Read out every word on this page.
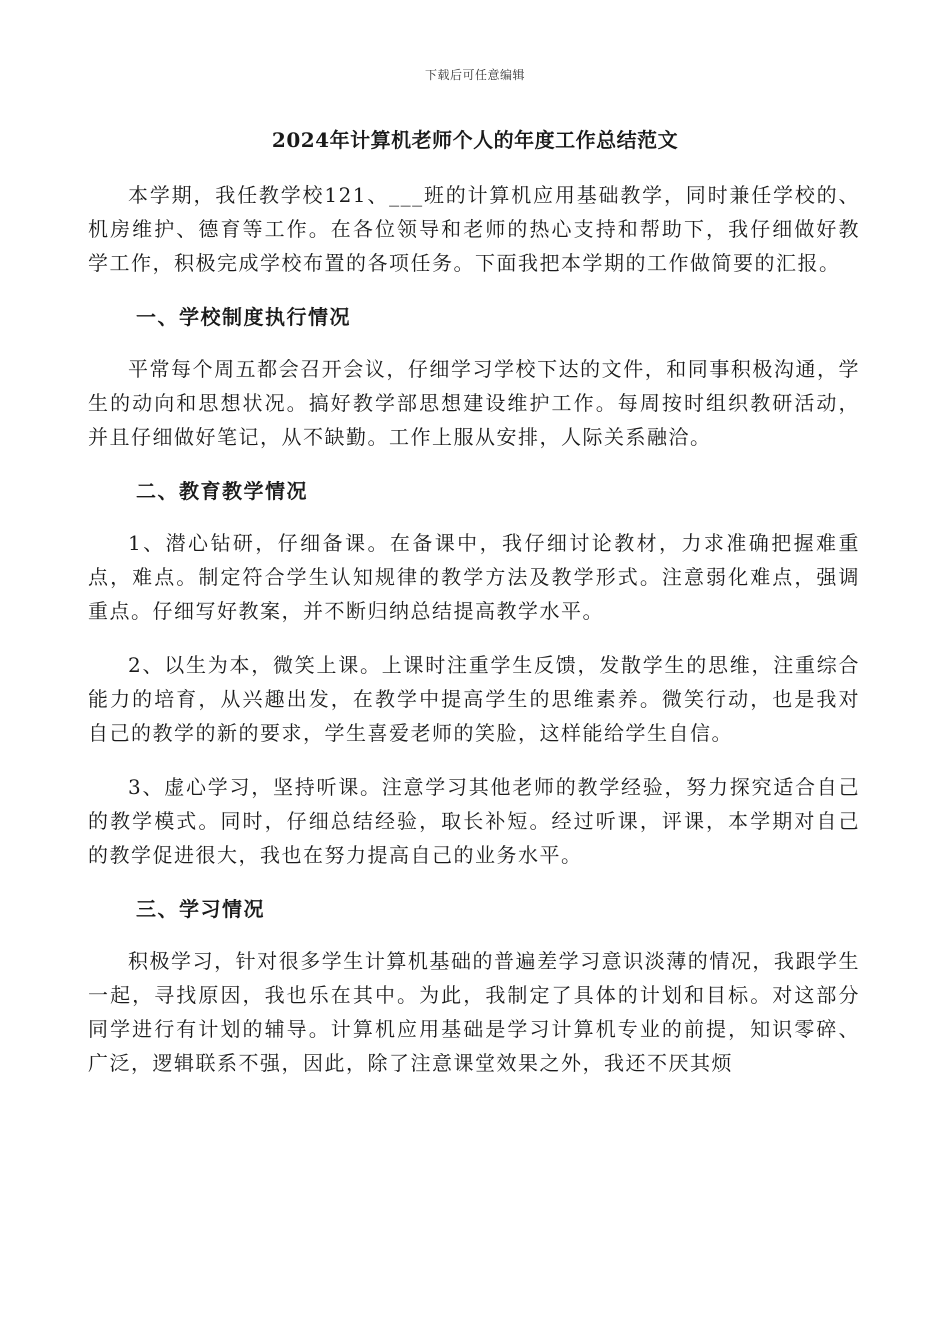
下载后可任意编辑
2024年计算机老师个人的年度工作总结范文

本学期，我任教学校121、___班的计算机应用基础教学，同时兼任学校的、机房维护、德育等工作。在各位领导和老师的热心支持和帮助下，我仔细做好教学工作，积极完成学校布置的各项任务。下面我把本学期的工作做简要的汇报。

一、学校制度执行情况

平常每个周五都会召开会议，仔细学习学校下达的文件，和同事积极沟通，学生的动向和思想状况。搞好教学部思想建设维护工作。每周按时组织教研活动，并且仔细做好笔记，从不缺勤。工作上服从安排，人际关系融洽。

二、教育教学情况

1、潜心钻研，仔细备课。在备课中，我仔细讨论教材，力求准确把握难重点，难点。制定符合学生认知规律的教学方法及教学形式。注意弱化难点，强调重点。仔细写好教案，并不断归纳总结提高教学水平。

2、以生为本，微笑上课。上课时注重学生反馈，发散学生的思维，注重综合能力的培育，从兴趣出发，在教学中提高学生的思维素养。微笑行动，也是我对自己的教学的新的要求，学生喜爱老师的笑脸，这样能给学生自信。

3、虚心学习，坚持听课。注意学习其他老师的教学经验，努力探究适合自己的教学模式。同时，仔细总结经验，取长补短。经过听课，评课，本学期对自己的教学促进很大，我也在努力提高自己的业务水平。

三、学习情况

积极学习，针对很多学生计算机基础的普遍差学习意识淡薄的情况，我跟学生一起，寻找原因，我也乐在其中。为此，我制定了具体的计划和目标。对这部分同学进行有计划的辅导。计算机应用基础是学习计算机专业的前提，知识零碎、广泛，逻辑联系不强，因此，除了注意课堂效果之外，我还不厌其烦
